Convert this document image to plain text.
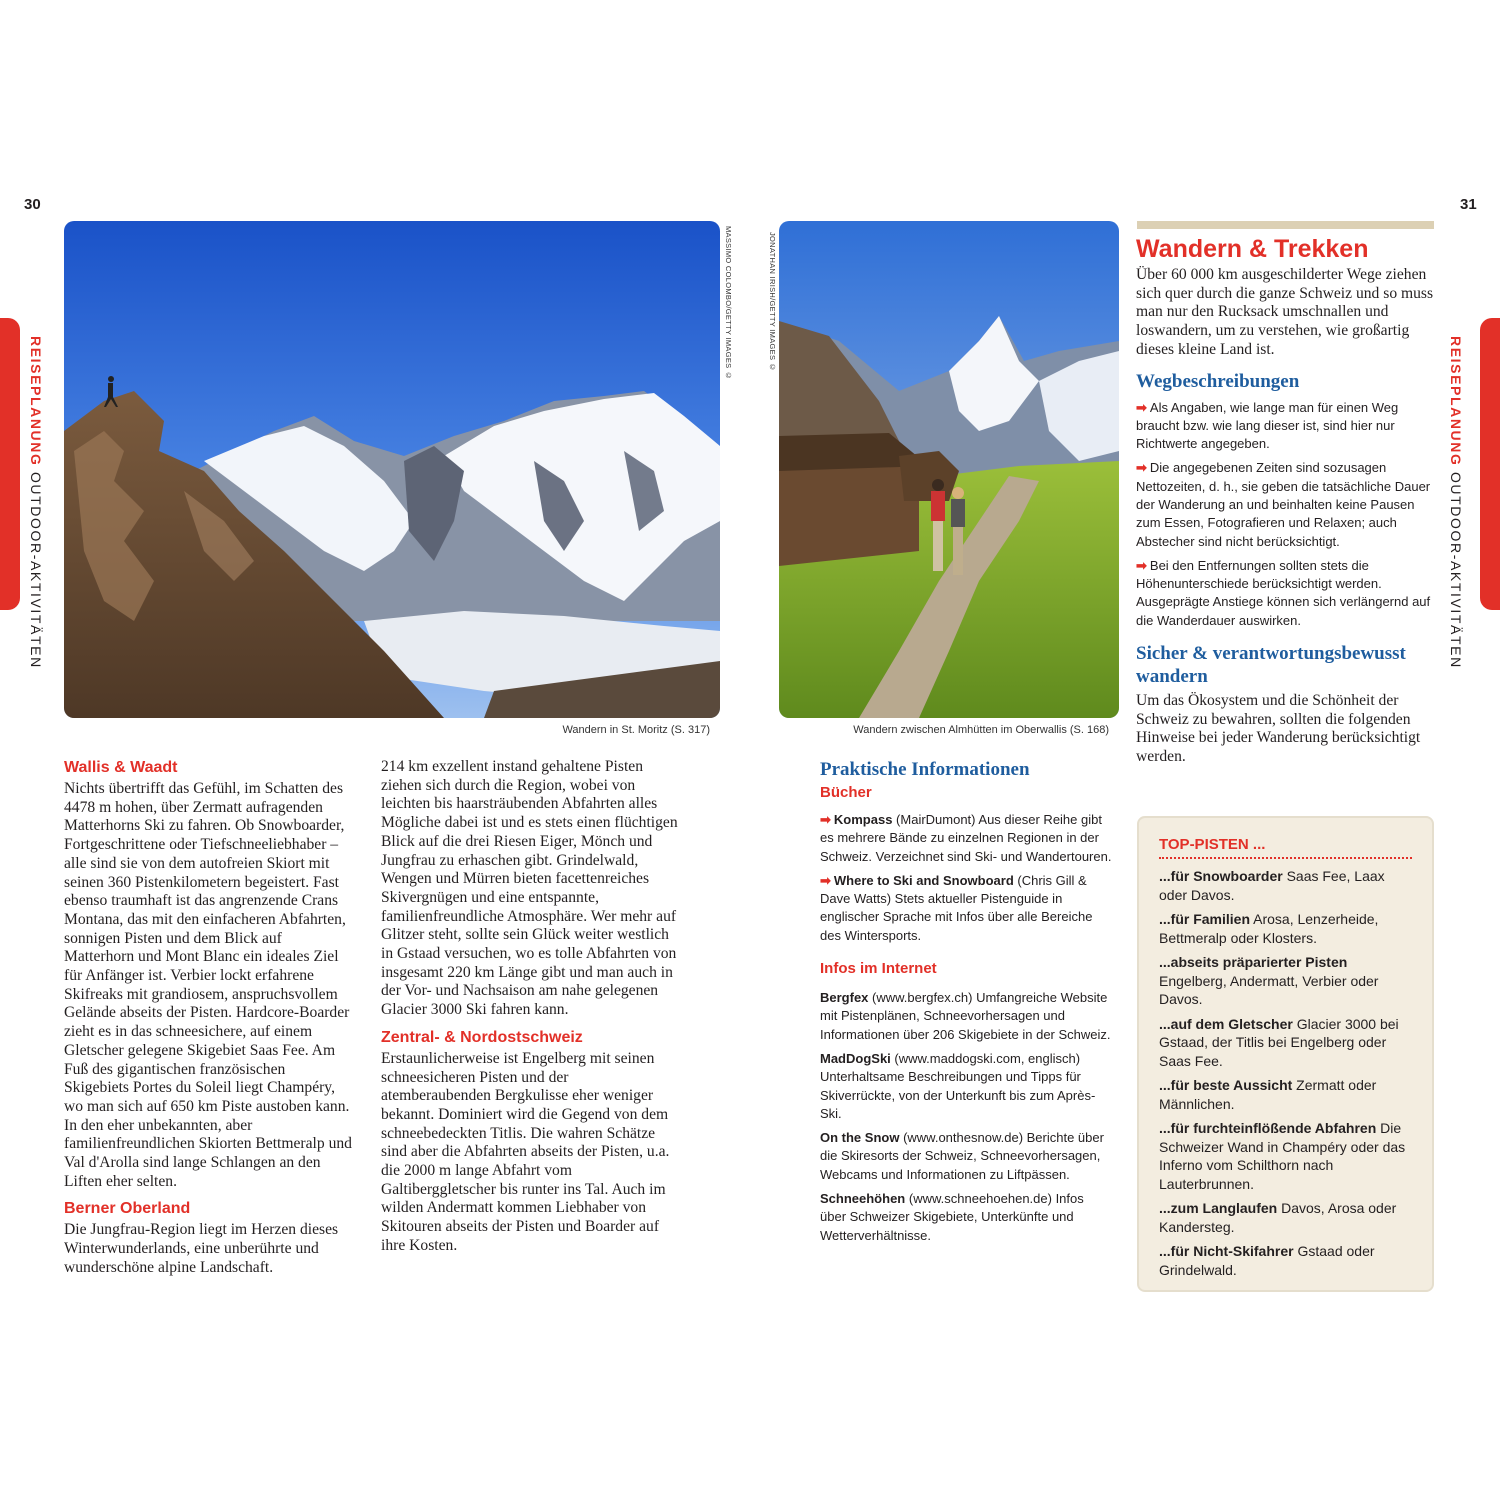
30	31
REISEPLANUNG OUTDOOR-AKTIVITÄTEN
REISEPLANUNG OUTDOOR-AKTIVITÄTEN
MASSIMO COLOMBO/GETTY IMAGES ©
Wandern in St. Moritz (S. 317)
JONATHAN IRISH/GETTY IMAGES ©
Wandern zwischen Almhütten im Oberwallis (S. 168)
Wallis & Waadt

Nichts übertrifft das Gefühl, im Schatten des 4478 m hohen, über Zermatt aufragenden Matterhorns Ski zu fahren. Ob Snowboarder, Fortgeschrittene oder Tiefschneeliebhaber – alle sind sie von dem autofreien Skiort mit seinen 360 Pistenkilometern begeistert. Fast ebenso traumhaft ist das angrenzende Crans Montana, das mit den einfacheren Abfahrten, sonnigen Pisten und dem Blick auf Matterhorn und Mont Blanc ein ideales Ziel für Anfänger ist. Verbier lockt erfahrene Skifreaks mit grandiosem, anspruchsvollem Gelände abseits der Pisten. Hardcore-Boarder zieht es in das schneesichere, auf einem Gletscher gelegene Skigebiet Saas Fee. Am Fuß des gigantischen französischen Skigebiets Portes du Soleil liegt Champéry, wo man sich auf 650 km Piste austoben kann. In den eher unbekannten, aber familienfreundlichen Skiorten Bettmeralp und Val d'Arolla sind lange Schlangen an den Liften eher selten.

Berner Oberland

Die Jungfrau-Region liegt im Herzen dieses Winterwunderlands, eine unberührte und wunderschöne alpine Landschaft.

214 km exzellent instand gehaltene Pisten ziehen sich durch die Region, wobei von leichten bis haarsträubenden Abfahrten alles Mögliche dabei ist und es stets einen flüchtigen Blick auf die drei Riesen Eiger, Mönch und Jungfrau zu erhaschen gibt. Grindelwald, Wengen und Mürren bieten facettenreiches Skivergnügen und eine entspannte, familienfreundliche Atmosphäre. Wer mehr auf Glitzer steht, sollte sein Glück weiter westlich in Gstaad versuchen, wo es tolle Abfahrten von insgesamt 220 km Länge gibt und man auch in der Vor- und Nachsaison am nahe gelegenen Glacier 3000 Ski fahren kann.

Zentral- & Nordostschweiz

Erstaunlicherweise ist Engelberg mit seinen schneesicheren Pisten und der atemberaubenden Bergkulisse eher weniger bekannt. Dominiert wird die Gegend von dem schneebedeckten Titlis. Die wahren Schätze sind aber die Abfahrten abseits der Pisten, u.a. die 2000 m lange Abfahrt vom Galtiberggletscher bis runter ins Tal. Auch im wilden Andermatt kommen Liebhaber von Skitouren abseits der Pisten und Boarder auf ihre Kosten.

Praktische Informationen
Bücher

➡ Kompass (MairDumont) Aus dieser Reihe gibt es mehrere Bände zu einzelnen Regionen in der Schweiz. Verzeichnet sind Ski- und Wandertouren.

➡ Where to Ski and Snowboard (Chris Gill & Dave Watts) Stets aktueller Pistenguide in englischer Sprache mit Infos über alle Bereiche des Wintersports.

Infos im Internet

Bergfex (www.bergfex.ch) Umfangreiche Website mit Pistenplänen, Schneevorhersagen und Informationen über 206 Skigebiete in der Schweiz.

MadDogSki (www.maddogski.com, englisch) Unterhaltsame Beschreibungen und Tipps für Skiverrückte, von der Unterkunft bis zum Après-Ski.

On the Snow (www.onthesnow.de) Berichte über die Skiresorts der Schweiz, Schneevorhersagen, Webcams und Informationen zu Liftpässen.

Schneehöhen (www.schneehoehen.de) Infos über Schweizer Skigebiete, Unterkünfte und Wetterverhältnisse.

Wandern & Trekken

Über 60 000 km ausgeschilderter Wege ziehen sich quer durch die ganze Schweiz und so muss man nur den Rucksack umschnallen und loswandern, um zu verstehen, wie großartig dieses kleine Land ist.

Wegbeschreibungen

➡ Als Angaben, wie lange man für einen Weg braucht bzw. wie lang dieser ist, sind hier nur Richtwerte angegeben.

➡ Die angegebenen Zeiten sind sozusagen Nettozeiten, d. h., sie geben die tatsächliche Dauer der Wanderung an und beinhalten keine Pausen zum Essen, Fotografieren und Relaxen; auch Abstecher sind nicht berücksichtigt.

➡ Bei den Entfernungen sollten stets die Höhenunterschiede berücksichtigt werden. Ausgeprägte Anstiege können sich verlängernd auf die Wanderdauer auswirken.

Sicher & verantwortungsbewusst wandern

Um das Ökosystem und die Schönheit der Schweiz zu bewahren, sollten die folgenden Hinweise bei jeder Wanderung berücksichtigt werden.

TOP-PISTEN ...

...für Snowboarder Saas Fee, Laax oder Davos.

...für Familien Arosa, Lenzerheide, Bettmeralp oder Klosters.

...abseits präparierter Pisten Engelberg, Andermatt, Verbier oder Davos.

...auf dem Gletscher Glacier 3000 bei Gstaad, der Titlis bei Engelberg oder Saas Fee.

...für beste Aussicht Zermatt oder Männlichen.

...für furchteinflößende Abfahren Die Schweizer Wand in Champéry oder das Inferno vom Schilthorn nach Lauterbrunnen.

...zum Langlaufen Davos, Arosa oder Kandersteg.

...für Nicht-Skifahrer Gstaad oder Grindelwald.
